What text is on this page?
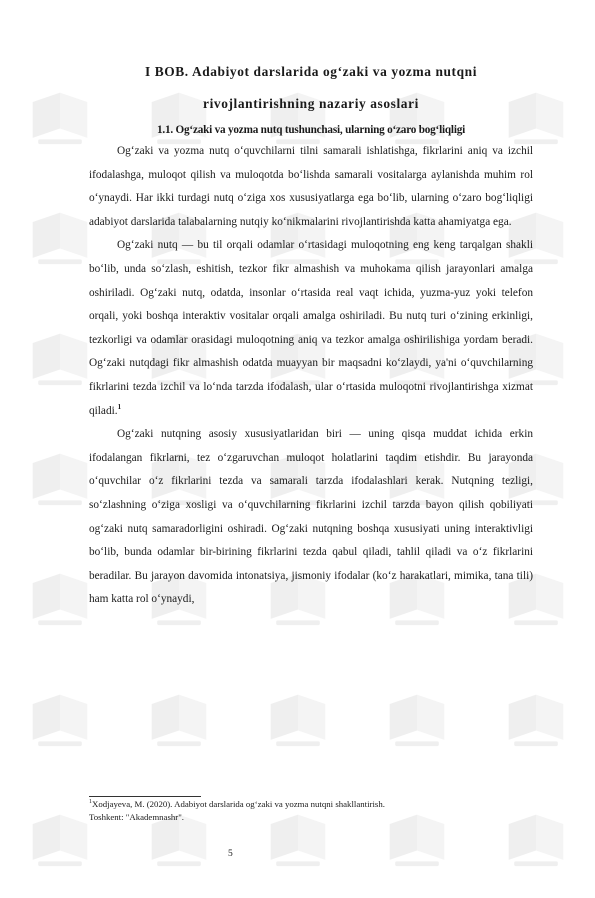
I BOB. Adabiyot darslarida og‘zaki va yozma nutqni
rivojlantirishning nazariy asoslari
1.1. Og‘zaki va yozma nutq tushunchasi, ularning o‘zaro bog‘liqligi

Og‘zaki va yozma nutq o‘quvchilarni tilni samarali ishlatishga, fikrlarini aniq va izchil ifodalashga, muloqot qilish va muloqotda bo‘lishda samarali vositalarga aylanishda muhim rol o‘ynaydi. Har ikki turdagi nutq o‘ziga xos xususiyatlarga ega bo‘lib, ularning o‘zaro bog‘liqligi adabiyot darslarida talabalarning nutqiy ko‘nikmalarini rivojlantirishda katta ahamiyatga ega.

Og‘zaki nutq — bu til orqali odamlar o‘rtasidagi muloqotning eng keng tarqalgan shakli bo‘lib, unda so‘zlash, eshitish, tezkor fikr almashish va muhokama qilish jarayonlari amalga oshiriladi. Og‘zaki nutq, odatda, insonlar o‘rtasida real vaqt ichida, yuzma-yuz yoki telefon orqali, yoki boshqa interaktiv vositalar orqali amalga oshiriladi. Bu nutq turi o‘zining erkinligi, tezkorligi va odamlar orasidagi muloqotning aniq va tezkor amalga oshirilishiga yordam beradi. Og‘zaki nutqdagi fikr almashish odatda muayyan bir maqsadni ko‘zlaydi, ya'ni o‘quvchilarning fikrlarini tezda izchil va lo‘nda tarzda ifodalash, ular o‘rtasida muloqotni rivojlantirishga xizmat qiladi.$^1$

Og‘zaki nutqning asosiy xususiyatlaridan biri — uning qisqa muddat ichida erkin ifodalangan fikrlarni, tez o‘zgaruvchan muloqot holatlarini taqdim etishdir. Bu jarayonda o‘quvchilar o‘z fikrlarini tezda va samarali tarzda ifodalashlari kerak. Nutqning tezligi, so‘zlashning o‘ziga xosligi va o‘quvchilarning fikrlarini izchil tarzda bayon qilish qobiliyati og‘zaki nutq samaradorligini oshiradi. Og‘zaki nutqning boshqa xususiyati uning interaktivligi bo‘lib, bunda odamlar bir-birining fikrlarini tezda qabul qiladi, tahlil qiladi va o‘z fikrlarini beradilar. Bu jarayon davomida intonatsiya, jismoniy ifodalar (ko‘z harakatlari, mimika, tana tili) ham katta rol o‘ynaydi,

$^1$Xodjayeva, M. (2020). Adabiyot darslarida og‘zaki va yozma nutqni shakllantirish.
Toshkent: "Akademnashr".
5
